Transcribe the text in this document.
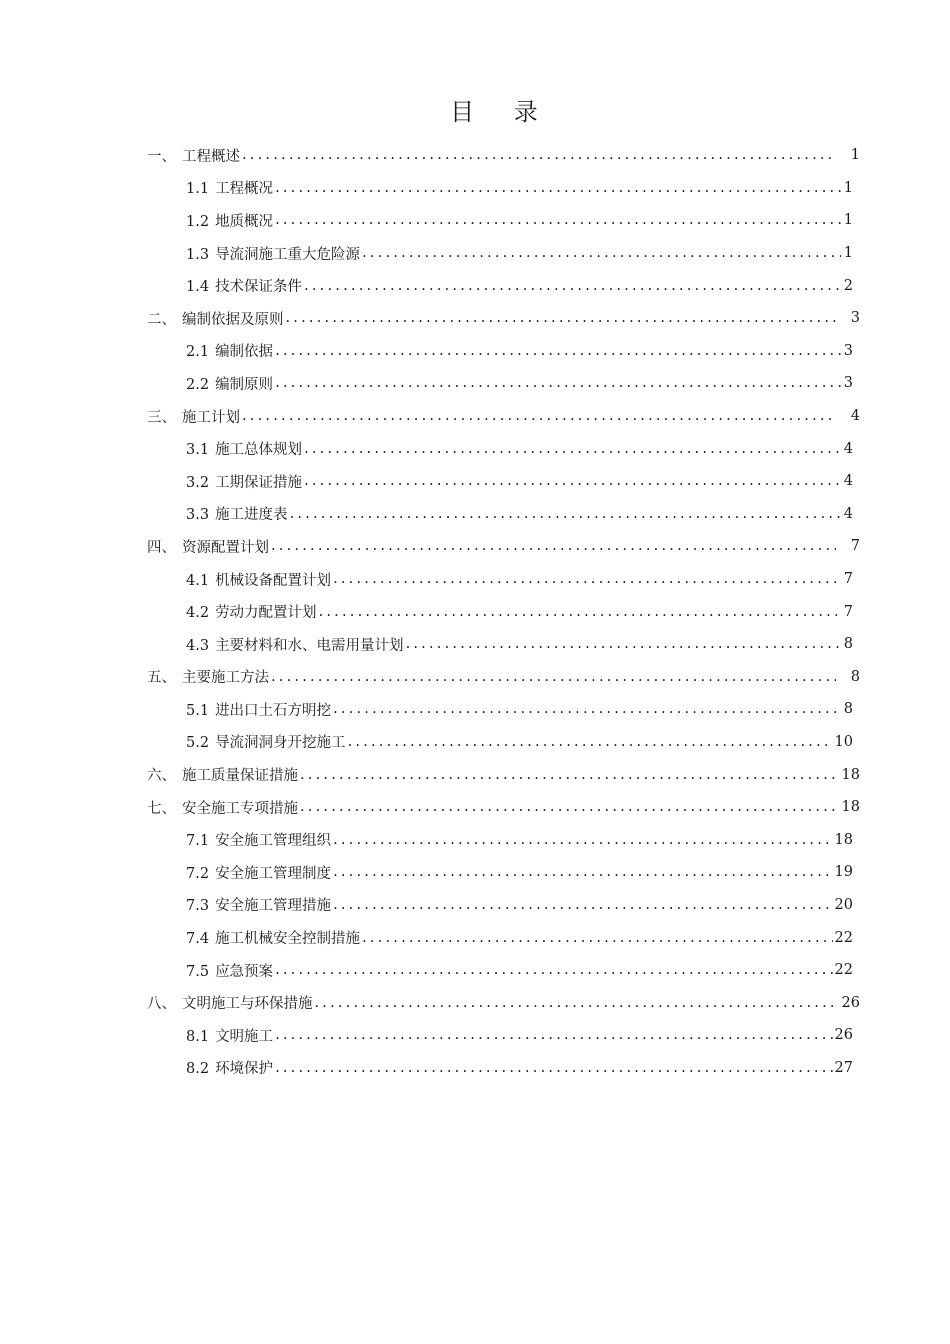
目 录
一、 工程概述 .....	1
1.1 工程概况 .....	1
1.2 地质概况 .....	1
1.3 导流洞施工重大危险源 .....	1
1.4 技术保证条件 .....	2
二、 编制依据及原则 .....	3
2.1 编制依据 .....	3
2.2 编制原则 .....	3
三、 施工计划 .....	4
3.1 施工总体规划 .....	4
3.2 工期保证措施 .....	4
3.3 施工进度表 .....	4
四、 资源配置计划 .....	7
4.1 机械设备配置计划 .....	7
4.2 劳动力配置计划 .....	7
4.3 主要材料和水、电需用量计划 .....	8
五、 主要施工方法 .....	8
5.1 进出口土石方明挖 .....	8
5.2 导流洞洞身开挖施工 .....	10
六、 施工质量保证措施 .....	18
七、 安全施工专项措施 .....	18
7.1 安全施工管理组织 .....	18
7.2 安全施工管理制度 .....	19
7.3 安全施工管理措施 .....	20
7.4 施工机械安全控制措施 .....	22
7.5 应急预案 .....	22
八、 文明施工与环保措施 .....	26
8.1 文明施工 .....	26
8.2 环境保护 .....	27
